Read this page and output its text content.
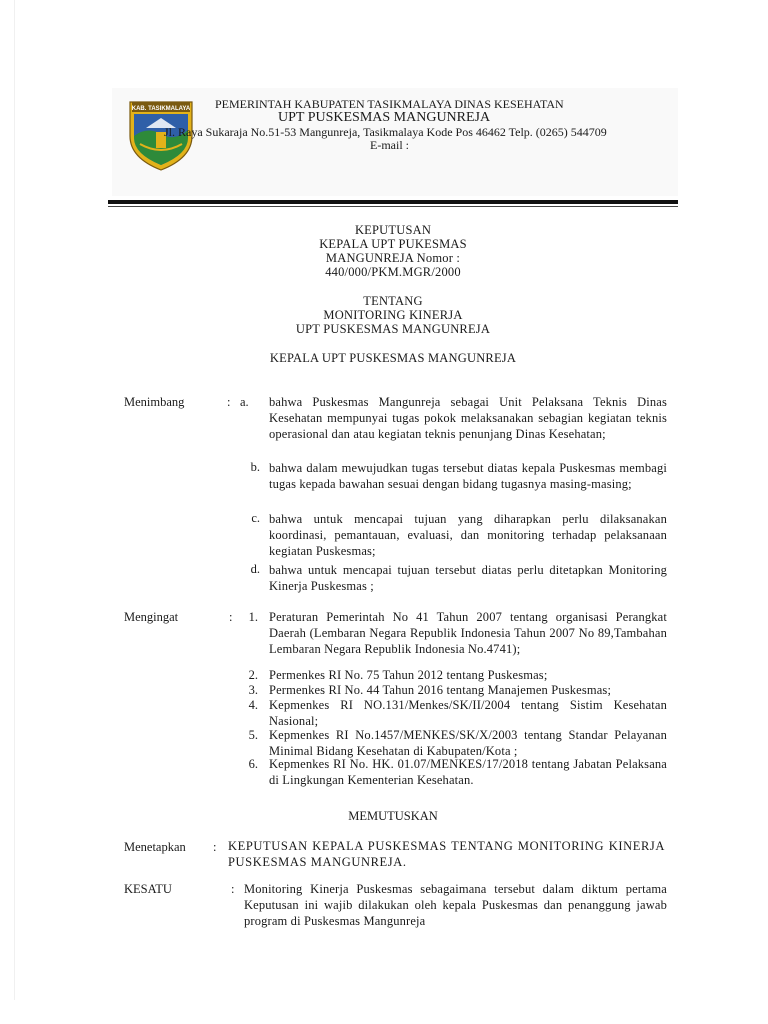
KAB. TASIKMALAYA PEMERINTAH KABUPATEN TASIKMALAYA DINAS KESEHATAN
UPT PUSKESMAS MANGUNREJA
Jl. Raya Sukaraja No.51-53 Mangunreja, Tasikmalaya Kode Pos 46462 Telp. (0265) 544709
E-mail :
KEPUTUSAN
KEPALA UPT PUKESMAS
MANGUNREJA Nomor :
440/000/PKM.MGR/2000
TENTANG
MONITORING KINERJA
UPT PUSKESMAS MANGUNREJA
KEPALA UPT PUSKESMAS MANGUNREJA
Menimbang	: a.	bahwa Puskesmas Mangunreja sebagai Unit Pelaksana Teknis Dinas Kesehatan mempunyai tugas pokok melaksanakan sebagian kegiatan teknis operasional dan atau kegiatan teknis penunjang Dinas Kesehatan;
b. bahwa dalam mewujudkan tugas tersebut diatas kepala Puskesmas membagi tugas kepada bawahan sesuai dengan bidang tugasnya masing-masing;
c. bahwa untuk mencapai tujuan yang diharapkan perlu dilaksanakan koordinasi, pemantauan, evaluasi, dan monitoring terhadap pelaksanaan kegiatan Puskesmas;
d. bahwa untuk mencapai tujuan tersebut diatas perlu ditetapkan Monitoring Kinerja Puskesmas ;
Mengingat	:	1. Peraturan Pemerintah No 41 Tahun 2007 tentang organisasi Perangkat Daerah (Lembaran Negara Republik Indonesia Tahun 2007 No 89,Tambahan Lembaran Negara Republik Indonesia No.4741);
2. Permenkes RI No. 75 Tahun 2012 tentang Puskesmas;
3. Permenkes RI No. 44 Tahun 2016 tentang Manajemen Puskesmas;
4. Kepmenkes RI NO.131/Menkes/SK/II/2004 tentang Sistim Kesehatan Nasional;
5. Kepmenkes RI No.1457/MENKES/SK/X/2003 tentang Standar Pelayanan Minimal Bidang Kesehatan di Kabupaten/Kota ;
6. Kepmenkes RI No. HK. 01.07/MENKES/17/2018 tentang Jabatan Pelaksana di Lingkungan Kementerian Kesehatan.
MEMUTUSKAN
Menetapkan : KEPUTUSAN KEPALA PUSKESMAS TENTANG MONITORING KINERJA PUSKESMAS MANGUNREJA.
KESATU	: Monitoring Kinerja Puskesmas sebagaimana tersebut dalam diktum pertama Keputusan ini wajib dilakukan oleh kepala Puskesmas dan penanggung jawab program di Puskesmas Mangunreja
